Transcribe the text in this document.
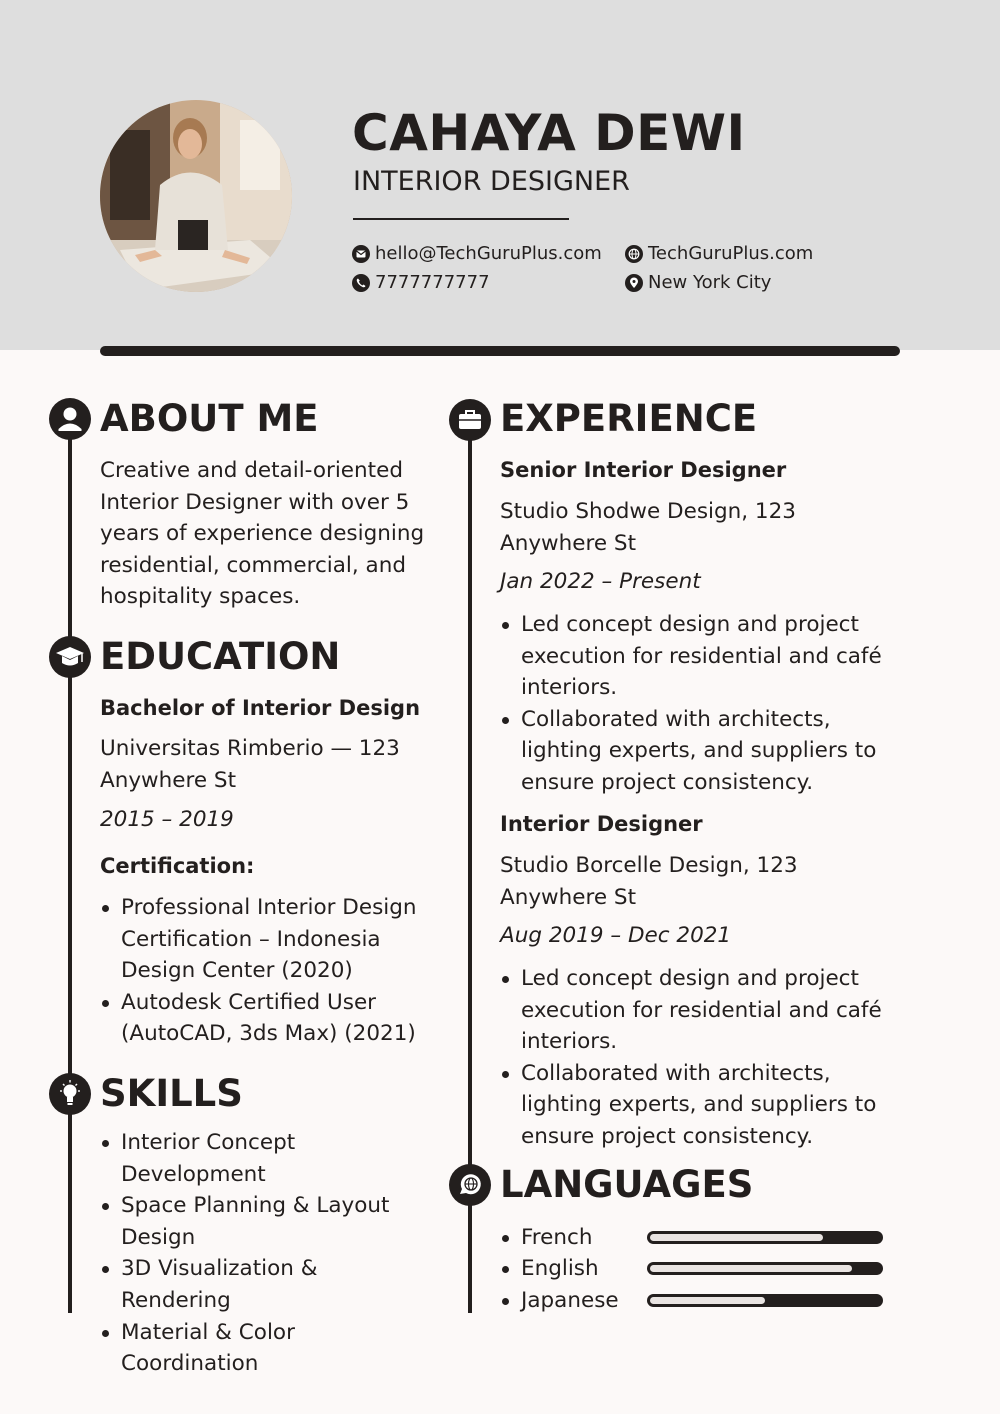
CAHAYA DEWI
INTERIOR DESIGNER
hello@TechGuruPlus.com	TechGuruPlus.com
7777777777	New York City
ABOUT ME
Creative and detail-oriented Interior Designer with over 5 years of experience designing residential, commercial, and hospitality spaces.
EDUCATION
Bachelor of Interior Design
Universitas Rimberio — 123 Anywhere St
2015 – 2019
Certification:
Professional Interior Design Certification – Indonesia Design Center (2020)
Autodesk Certified User (AutoCAD, 3ds Max) (2021)
SKILLS
Interior Concept Development
Space Planning & Layout Design
3D Visualization & Rendering
Material & Color Coordination
EXPERIENCE
Senior Interior Designer
Studio Shodwe Design, 123 Anywhere St
Jan 2022 – Present
Led concept design and project execution for residential and café interiors.
Collaborated with architects, lighting experts, and suppliers to ensure project consistency.
Interior Designer
Studio Borcelle Design, 123 Anywhere St
Aug 2019 – Dec 2021
Led concept design and project execution for residential and café interiors.
Collaborated with architects, lighting experts, and suppliers to ensure project consistency.
LANGUAGES
French
English
Japanese
